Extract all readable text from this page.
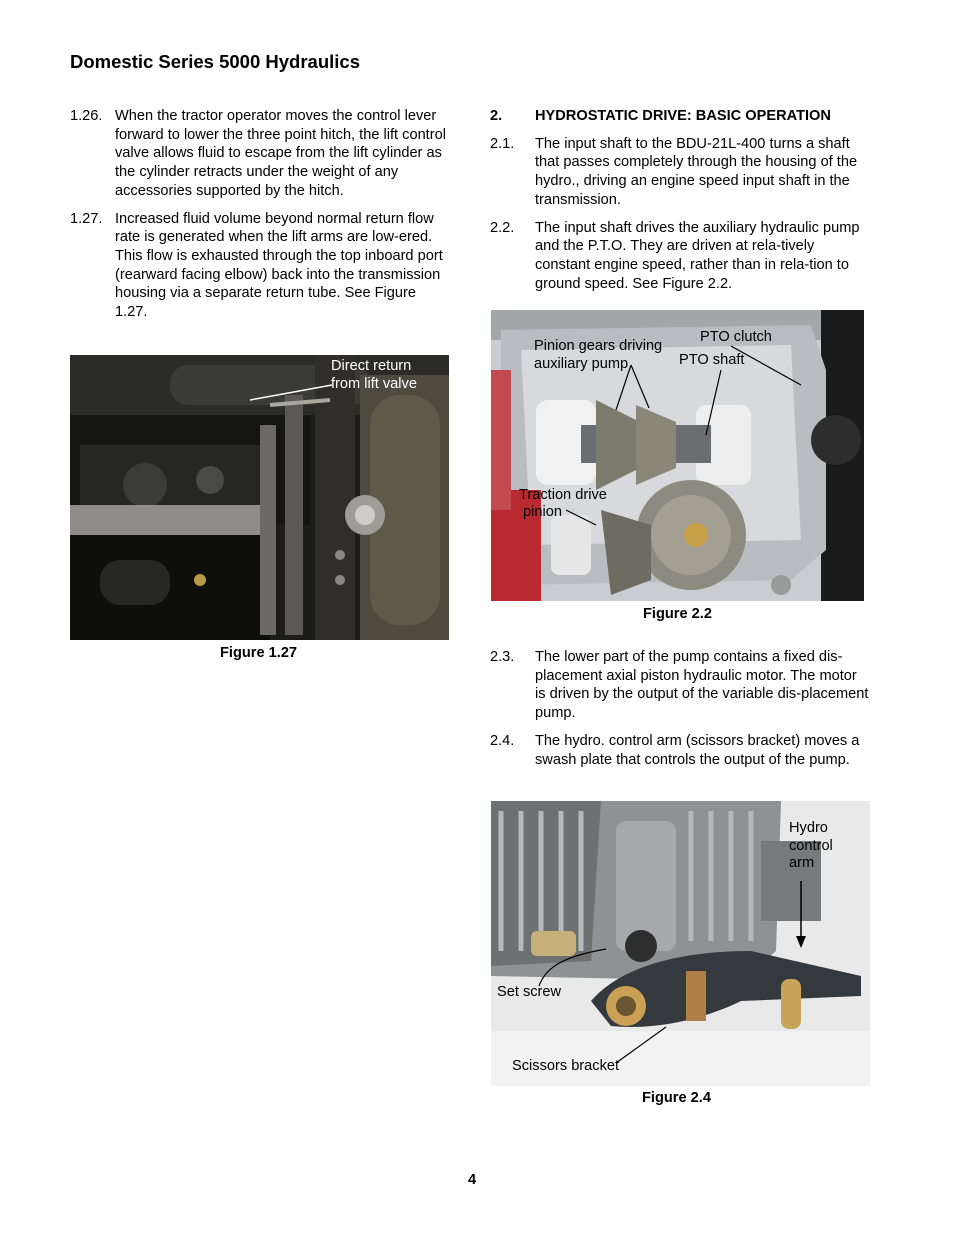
Domestic Series 5000 Hydraulics
1.26. When the tractor operator moves the control lever forward to lower the three point hitch, the lift control valve allows fluid to escape from the lift cylinder as the cylinder retracts under the weight of any accessories supported by the hitch.
1.27. Increased fluid volume beyond normal return flow rate is generated when the lift arms are low-ered. This flow is exhausted through the top inboard port (rearward facing elbow) back into the transmission housing via a separate return tube. See Figure 1.27.
Direct return
from lift valve
Figure 1.27
2.	HYDROSTATIC DRIVE: BASIC OPERATION
2.1.	The input shaft to the BDU-21L-400 turns a shaft that passes completely through the housing of the hydro., driving an engine speed input shaft in the transmission.
2.2.	The input shaft drives the auxiliary hydraulic pump and the P.T.O. They are driven at rela-tively constant engine speed, rather than in rela-tion to ground speed. See Figure 2.2.
Pinion gears driving
auxiliary pump
PTO clutch
PTO shaft
Traction drive
pinion
Figure 2.2
2.3.	The lower part of the pump contains a fixed dis-placement axial piston hydraulic motor. The motor is driven by the output of the variable dis-placement pump.
2.4.	The hydro. control arm (scissors bracket) moves a swash plate that controls the output of the pump.
Hydro
control
arm
Set screw
Scissors bracket
Figure 2.4
4
